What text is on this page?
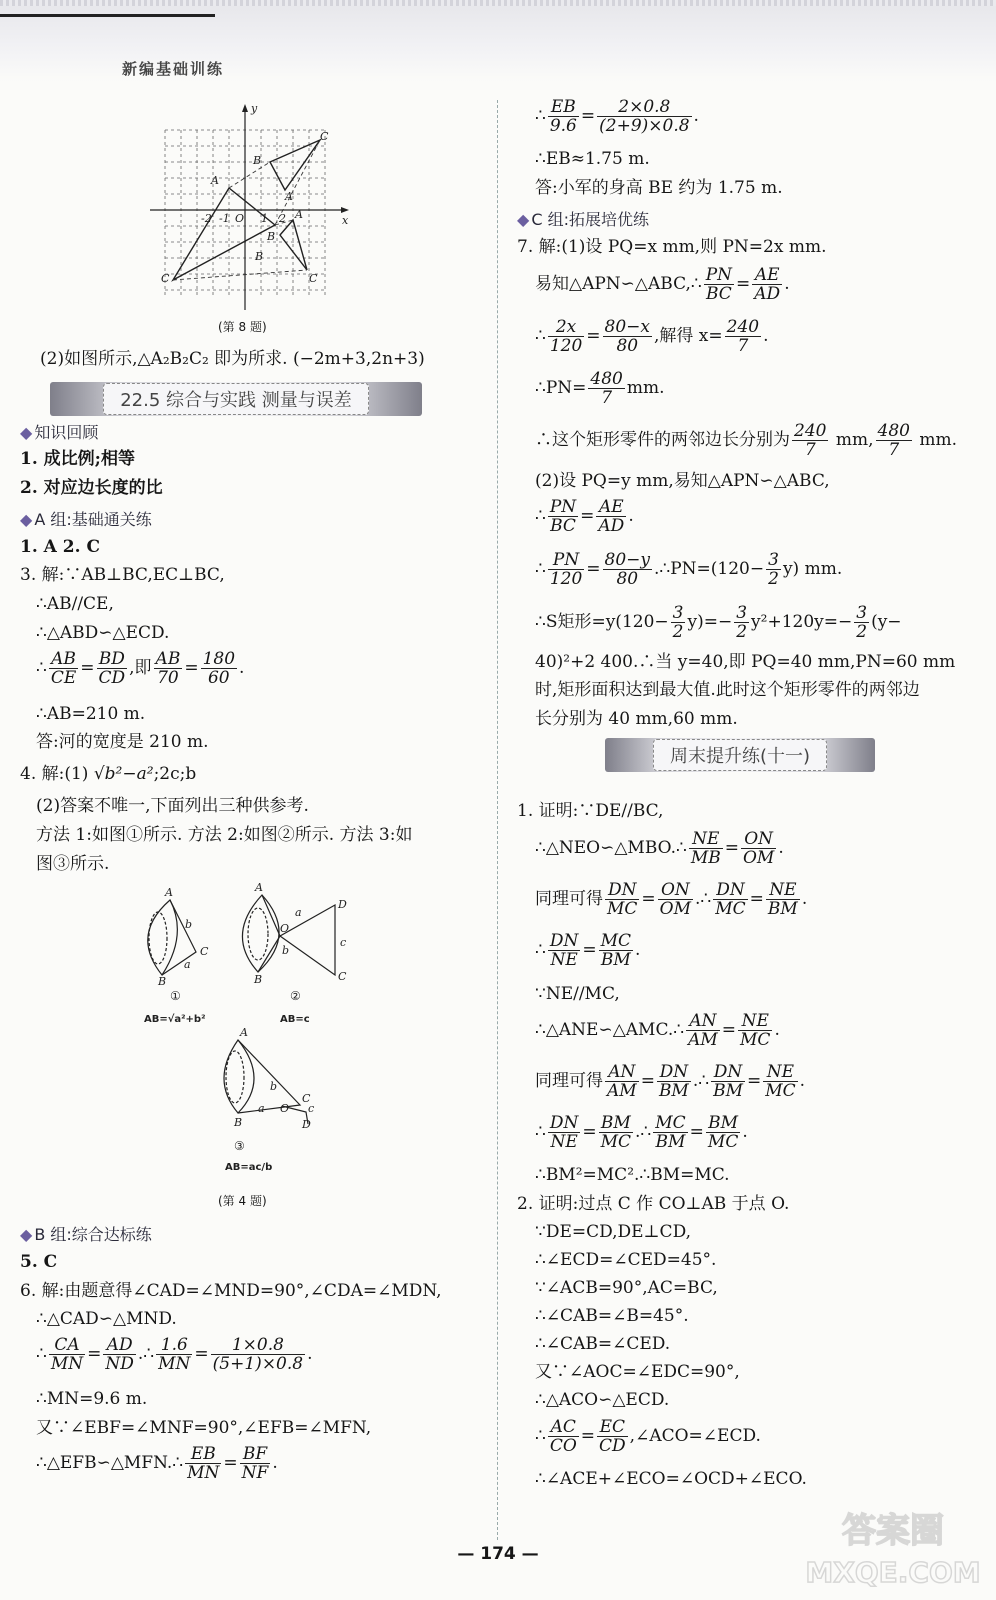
新编基础训练
y
x
-2 -1 O 1 2
A
B
C
A
B
C
A
B
C
(第 8 题)
(2)如图所示,△A₂B₂C₂ 即为所求. (−2m+3,2n+3)
22.5 综合与实践 测量与误差
◆ 知识回顾
1. 成比例;相等
2. 对应边长度的比
◆ A 组:基础通关练
1. A 2. C
3. 解:∵AB⊥BC,EC⊥BC,
∴AB//CE,
∴△ABD∽△ECD.
∴ $\frac{AB}{CE} = \frac{BD}{CD}$ ,即 $\frac{AB}{70} = \frac{180}{60}$ .
∴AB=210 m.
答:河的宽度是 210 m.
4. 解:(1) √b²−a²;2c;b
(2)答案不唯一,下面列出三种供参考.
方法 1:如图①所示. 方法 2:如图②所示. 方法 3:如
图③所示.
A
B
C
b
a
A
B
D
C
O
a
c
b
A
B
a O
C
D
c
b
①	②
③
AB=√a²+b²	AB=c
AB=ac/b
(第 4 题)
◆ B 组:综合达标练
5. C
6. 解:由题意得∠CAD=∠MND=90°,∠CDA=∠MDN,
∴△CAD∽△MND.
∴ $\frac{CA}{MN} = \frac{AD}{ND}$ .∴ $\frac{1.6}{MN} = \frac{1\times 0.8}{(5+1)\times 0.8}$ .
∴MN=9.6 m.
又∵∠EBF=∠MNF=90°,∠EFB=∠MFN,
∴△EFB∽△MFN.∴ $\frac{EB}{MN} = \frac{BF}{NF}$ .
∴ $\frac{EB}{9.6} = \frac{2\times 0.8}{(2+9)\times 0.8}$ .
∴EB≈1.75 m.
答:小军的身高 BE 约为 1.75 m.
◆ C 组:拓展培优练
7. 解:(1)设 PQ=x mm,则 PN=2x mm.
易知△APN∽△ABC,∴ $\frac{PN}{BC} = \frac{AE}{AD}$ .
∴ $\frac{2x}{120} = \frac{80-x}{80}$ ,解得 $x= \frac{240}{7}$ .
∴PN= $\frac{480}{7}$ mm.
∴这个矩形零件的两邻边长分别为 $\frac{240}{7}$ mm, $\frac{480}{7}$ mm.
(2)设 PQ=y mm,易知△APN∽△ABC,
∴ $\frac{PN}{BC} = \frac{AE}{AD}$ .
∴ $\frac{PN}{120} = \frac{80-y}{80}$ .∴PN=(120− $\frac{3}{2} y$) mm.
∴S矩形$=y(120- \frac{3}{2} y)=- \frac{3}{2} y^2+120y=- \frac{3}{2} (y-$
40)²+2 400.∴当 y=40,即 PQ=40 mm,PN=60 mm
时,矩形面积达到最大值.此时这个矩形零件的两邻边
长分别为 40 mm,60 mm.
周末提升练(十一)
1. 证明:∵DE//BC,
∴△NEO∽△MBO.∴ $\frac{NE}{MB} = \frac{ON}{OM}$ .
同理可得 $\frac{DN}{MC} = \frac{ON}{OM}$ .∴ $\frac{DN}{MC} = \frac{NE}{BM}$ .
∴ $\frac{DN}{NE} = \frac{MC}{BM}$ .
∵NE//MC,
∴△ANE∽△AMC.∴ $\frac{AN}{AM} = \frac{NE}{MC}$ .
同理可得 $\frac{AN}{AM} = \frac{DN}{BM}$ .∴ $\frac{DN}{BM} = \frac{NE}{MC}$ .
∴ $\frac{DN}{NE} = \frac{BM}{MC}$ .∴ $\frac{MC}{BM} = \frac{BM}{MC}$ .
∴BM²=MC².∴BM=MC.
2. 证明:过点 C 作 CO⊥AB 于点 O.
∵DE=CD,DE⊥CD,
∴∠ECD=∠CED=45°.
∵∠ACB=90°,AC=BC,
∴∠CAB=∠B=45°.
∴∠CAB=∠CED.
又∵∠AOC=∠EDC=90°,
∴△ACO∽△ECD.
∴ $\frac{AC}{CO} = \frac{EC}{CD}$ ,∠ACO=∠ECD.
∴∠ACE+∠ECO=∠OCD+∠ECO.
— 174 —
答案圈
MXQE.COM
